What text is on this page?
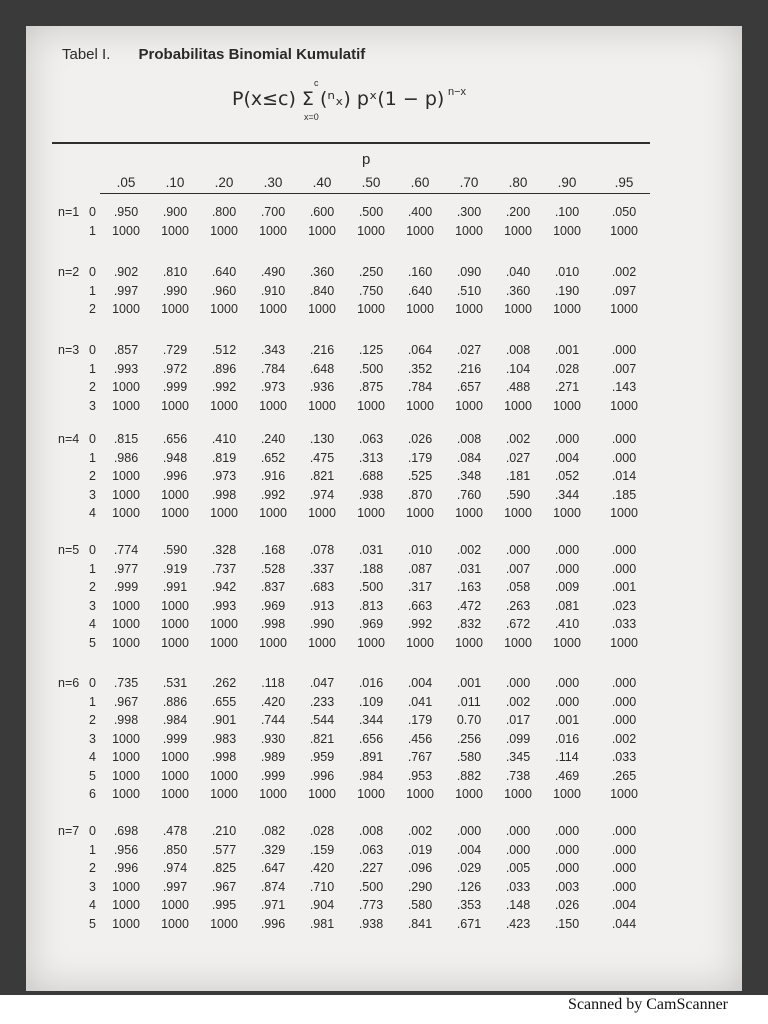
Tabel I. Probabilitas Binomial Kumulatif
P(x≤c) Σ (ⁿₓ) pˣ(1 − p) n−x
x=0
c
p
.05	.10	.20	.30	.40	.50	.60	.70	.80	.90	.95
n=1 0	.950	.900	.800	.700	.600	.500	.400	.300	.200	.100	.050
1	1000	1000	1000	1000	1000	1000	1000	1000	1000	1000	1000
n=2 0	.902	.810	.640	.490	.360	.250	.160	.090	.040	.010	.002
1	.997	.990	.960	.910	.840	.750	.640	.510	.360	.190	.097
2	1000	1000	1000	1000	1000	1000	1000	1000	1000	1000	1000
n=3 0	.857	.729	.512	.343	.216	.125	.064	.027	.008	.001	.000
1	.993	.972	.896	.784	.648	.500	.352	.216	.104	.028	.007
2	1000	.999	.992	.973	.936	.875	.784	.657	.488	.271	.143
3	1000	1000	1000	1000	1000	1000	1000	1000	1000	1000	1000
n=4 0	.815	.656	.410	.240	.130	.063	.026	.008	.002	.000	.000
1	.986	.948	.819	.652	.475	.313	.179	.084	.027	.004	.000
2	1000	.996	.973	.916	.821	.688	.525	.348	.181	.052	.014
3	1000	1000	.998	.992	.974	.938	.870	.760	.590	.344	.185
4	1000	1000	1000	1000	1000	1000	1000	1000	1000	1000	1000
n=5 0	.774	.590	.328	.168	.078	.031	.010	.002	.000	.000	.000
1	.977	.919	.737	.528	.337	.188	.087	.031	.007	.000	.000
2	.999	.991	.942	.837	.683	.500	.317	.163	.058	.009	.001
3	1000	1000	.993	.969	.913	.813	.663	.472	.263	.081	.023
4	1000	1000	1000	.998	.990	.969	.992	.832	.672	.410	.033
5	1000	1000	1000	1000	1000	1000	1000	1000	1000	1000	1000
n=6 0	.735	.531	.262	.118	.047	.016	.004	.001	.000	.000	.000
1	.967	.886	.655	.420	.233	.109	.041	.011	.002	.000	.000
2	.998	.984	.901	.744	.544	.344	.179	0.70	.017	.001	.000
3	1000	.999	.983	.930	.821	.656	.456	.256	.099	.016	.002
4	1000	1000	.998	.989	.959	.891	.767	.580	.345	.114	.033
5	1000	1000	1000	.999	.996	.984	.953	.882	.738	.469	.265
6	1000	1000	1000	1000	1000	1000	1000	1000	1000	1000	1000
n=7 0	.698	.478	.210	.082	.028	.008	.002	.000	.000	.000	.000
1	.956	.850	.577	.329	.159	.063	.019	.004	.000	.000	.000
2	.996	.974	.825	.647	.420	.227	.096	.029	.005	.000	.000
3	1000	.997	.967	.874	.710	.500	.290	.126	.033	.003	.000
4	1000	1000	.995	.971	.904	.773	.580	.353	.148	.026	.004
5	1000	1000	1000	.996	.981	.938	.841	.671	.423	.150	.044
Scanned by CamScanner
